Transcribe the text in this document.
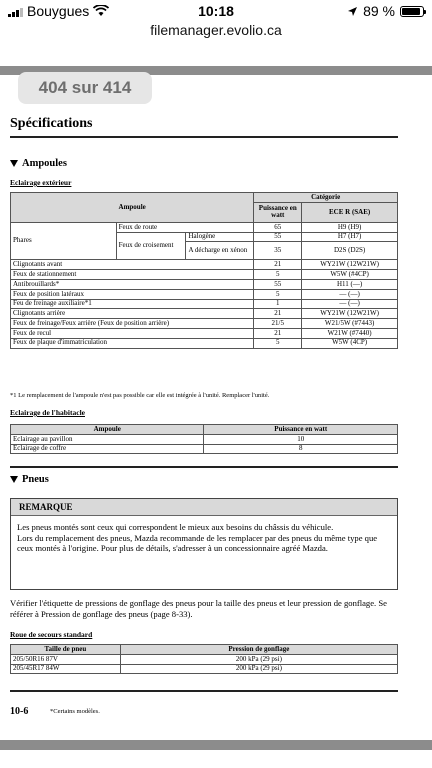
Bouygues	10:18	89 %
filemanager.evolio.ca
404 sur 414
Spécifications
Ampoules
Eclairage extérieur
Ampoule			Catégorie	
			Puissance en watt	ECE R (SAE)
Phares	Feux de route		65	H9 (H9)
	Feux de croisement	Halogène	55	H7 (H7)
		A décharge en xénon	35	D2S (D2S)
Clignotants avant			21	WY21W (12W21W)
Feux de stationnement			5	W5W (#4CP)
Antibrouillards*			55	H11 (—)
Feux de position latéraux			5	— (—)
Feu de freinage auxiliaire*1			1	— (—)
Clignotants arrière			21	WY21W (12W21W)
Feux de freinage/Feux arrière (Feux de position arrière)			21/5	W21/5W (#7443)
Feux de recul			21	W21W (#7440)
Feux de plaque d'immatriculation			5	W5W (4CP)
*1 Le remplacement de l'ampoule n'est pas possible car elle est intégrée à l'unité. Remplacer l'unité.
Eclairage de l'habitacle
Ampoule	Puissance en watt
Eclairage au pavillon	10
Eclairage de coffre	8
Pneus
REMARQUE
Les pneus montés sont ceux qui correspondent le mieux aux besoins du châssis du véhicule.
Lors du remplacement des pneus, Mazda recommande de les remplacer par des pneus du même type que ceux montés à l'origine. Pour plus de détails, s'adresser à un concessionnaire agréé Mazda.
Vérifier l'étiquette de pressions de gonflage des pneus pour la taille des pneus et leur pression de gonflage. Se référer à Pression de gonflage des pneus (page 8-33).
Roue de secours standard
Taille de pneu	Pression de gonflage
205/50R16 87V	200 kPa (29 psi)
205/45R17 84W	200 kPa (29 psi)
10-6	*Certains modèles.
